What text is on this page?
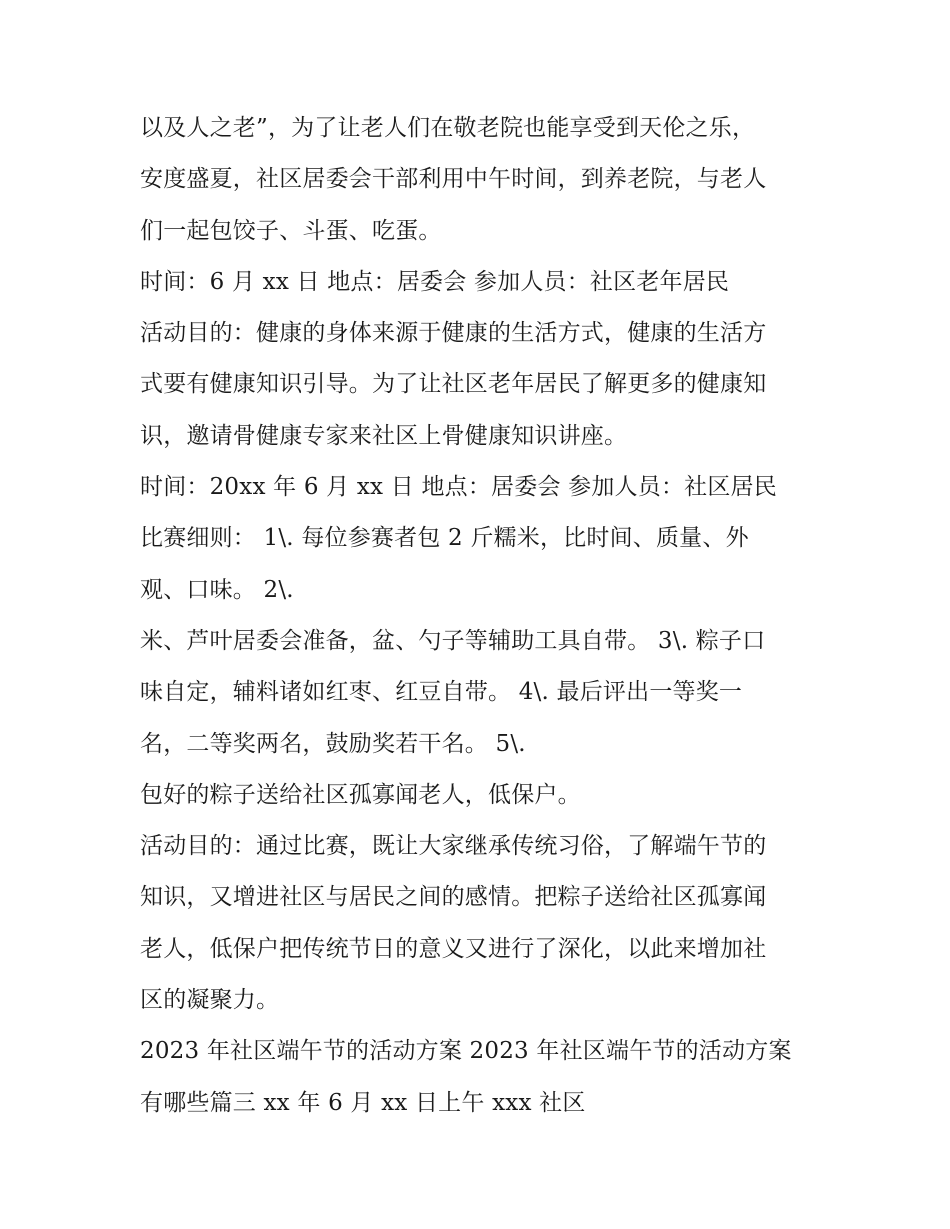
以及人之老”，为了让老人们在敬老院也能享受到天伦之乐，
安度盛夏，社区居委会干部利用中午时间，到养老院，与老人
们一起包饺子、斗蛋、吃蛋。
时间：6 月 xx 日 地点：居委会 参加人员：社区老年居民
活动目的：健康的身体来源于健康的生活方式，健康的生活方
式要有健康知识引导。为了让社区老年居民了解更多的健康知
识，邀请骨健康专家来社区上骨健康知识讲座。
时间：20xx 年 6 月 xx 日 地点：居委会 参加人员：社区居民
比赛细则： 1\. 每位参赛者包 2 斤糯米，比时间、质量、外
观、口味。 2\.
米、芦叶居委会准备，盆、勺子等辅助工具自带。 3\. 粽子口
味自定，辅料诸如红枣、红豆自带。 4\. 最后评出一等奖一
名，二等奖两名，鼓励奖若干名。 5\.
包好的粽子送给社区孤寡闻老人，低保户。
活动目的：通过比赛，既让大家继承传统习俗，了解端午节的
知识，又增进社区与居民之间的感情。把粽子送给社区孤寡闻
老人，低保户把传统节日的意义又进行了深化，以此来增加社
区的凝聚力。
2023 年社区端午节的活动方案 2023 年社区端午节的活动方案
有哪些篇三 xx 年 6 月 xx 日上午 xxx 社区
